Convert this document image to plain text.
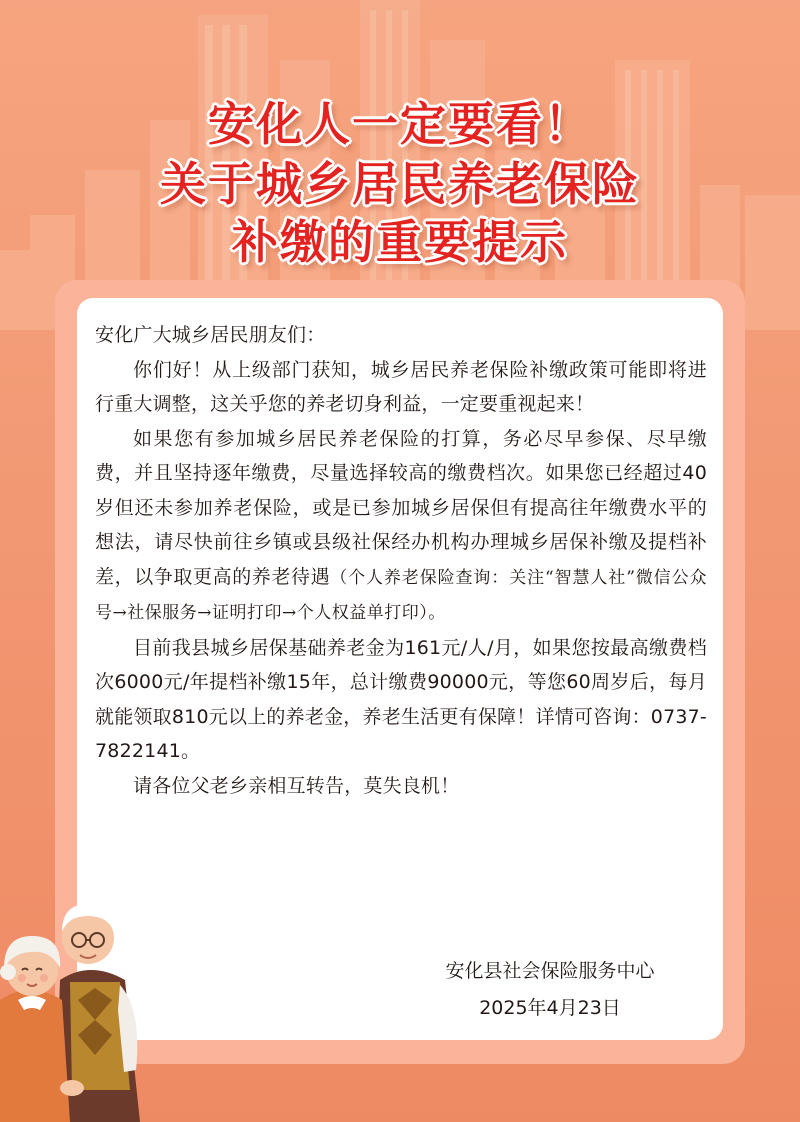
安化人一定要看！
关于城乡居民养老保险
补缴的重要提示

安化广大城乡居民朋友们：

你们好！从上级部门获知，城乡居民养老保险补缴政策可能即将进行重大调整，这关乎您的养老切身利益，一定要重视起来！

如果您有参加城乡居民养老保险的打算，务必尽早参保、尽早缴费，并且坚持逐年缴费，尽量选择较高的缴费档次。如果您已经超过40岁但还未参加养老保险，或是已参加城乡居保但有提高往年缴费水平的想法，请尽快前往乡镇或县级社保经办机构办理城乡居保补缴及提档补差，以争取更高的养老待遇（个人养老保险查询：关注“智慧人社”微信公众号→社保服务→证明打印→个人权益单打印）。

目前我县城乡居保基础养老金为161元/人/月，如果您按最高缴费档次6000元/年提档补缴15年，总计缴费90000元，等您60周岁后，每月就能领取810元以上的养老金，养老生活更有保障！详情可咨询：0737-7822141。

请各位父老乡亲相互转告，莫失良机！

安化县社会保险服务中心
2025年4月23日
